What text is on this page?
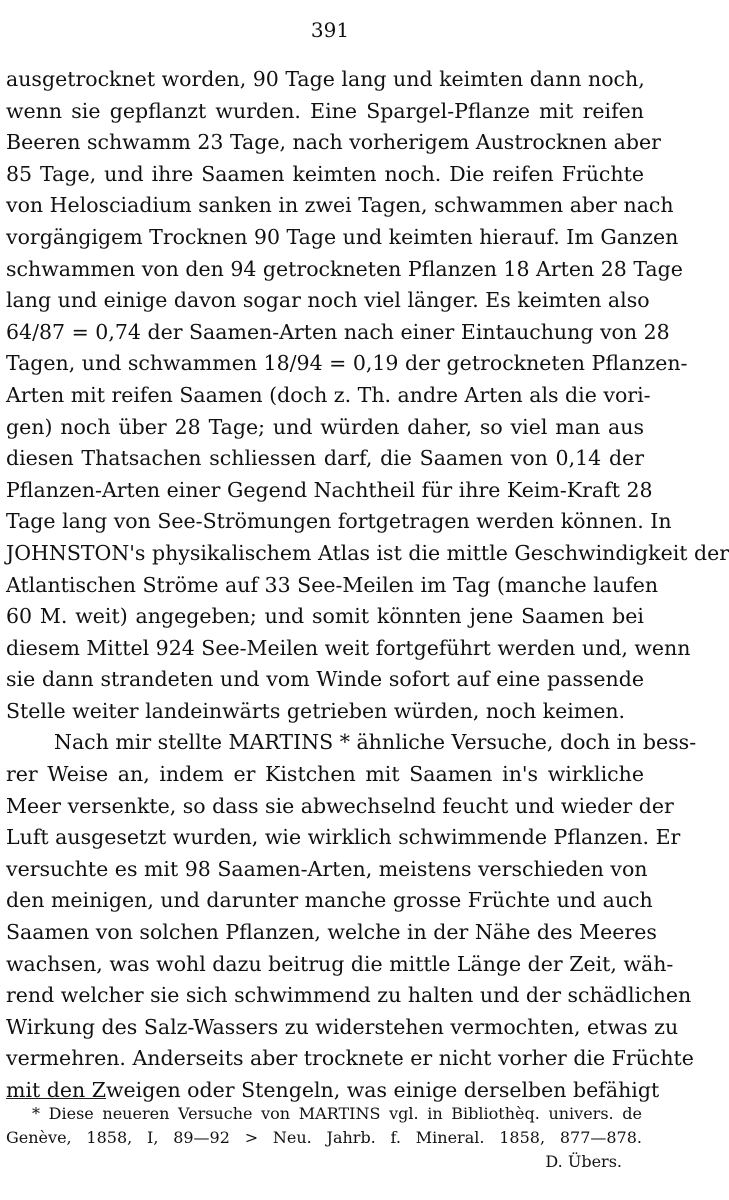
391
ausgetrocknet worden, 90 Tage lang und keimten dann noch,
wenn sie gepflanzt wurden. Eine Spargel-Pflanze mit reifen
Beeren schwamm 23 Tage, nach vorherigem Austrocknen aber
85 Tage, und ihre Saamen keimten noch. Die reifen Früchte
von Helosciadium sanken in zwei Tagen, schwammen aber nach
vorgängigem Trocknen 90 Tage und keimten hierauf. Im Ganzen
schwammen von den 94 getrockneten Pflanzen 18 Arten 28 Tage
lang und einige davon sogar noch viel länger. Es keimten also
64/87 = 0,74 der Saamen-Arten nach einer Eintauchung von 28
Tagen, und schwammen 18/94 = 0,19 der getrockneten Pflanzen-
Arten mit reifen Saamen (doch z. Th. andre Arten als die vori-
gen) noch über 28 Tage; und würden daher, so viel man aus
diesen Thatsachen schliessen darf, die Saamen von 0,14 der
Pflanzen-Arten einer Gegend Nachtheil für ihre Keim-Kraft 28
Tage lang von See-Strömungen fortgetragen werden können. In
JOHNSTON's physikalischem Atlas ist die mittle Geschwindigkeit der
Atlantischen Ströme auf 33 See-Meilen im Tag (manche laufen
60 M. weit) angegeben; und somit könnten jene Saamen bei
diesem Mittel 924 See-Meilen weit fortgeführt werden und, wenn
sie dann strandeten und vom Winde sofort auf eine passende
Stelle weiter landeinwärts getrieben würden, noch keimen.
Nach mir stellte MARTINS * ähnliche Versuche, doch in bess-
rer Weise an, indem er Kistchen mit Saamen in's wirkliche
Meer versenkte, so dass sie abwechselnd feucht und wieder der
Luft ausgesetzt wurden, wie wirklich schwimmende Pflanzen. Er
versuchte es mit 98 Saamen-Arten, meistens verschieden von
den meinigen, und darunter manche grosse Früchte und auch
Saamen von solchen Pflanzen, welche in der Nähe des Meeres
wachsen, was wohl dazu beitrug die mittle Länge der Zeit, wäh-
rend welcher sie sich schwimmend zu halten und der schädlichen
Wirkung des Salz-Wassers zu widerstehen vermochten, etwas zu
vermehren. Anderseits aber trocknete er nicht vorher die Früchte
mit den Zweigen oder Stengeln, was einige derselben befähigt
* Diese neueren Versuche von MARTINS vgl. in Bibliothèq. univers. de
Genève, 1858, I, 89—92 > Neu. Jahrb. f. Mineral. 1858, 877—878.
D. Übers.
